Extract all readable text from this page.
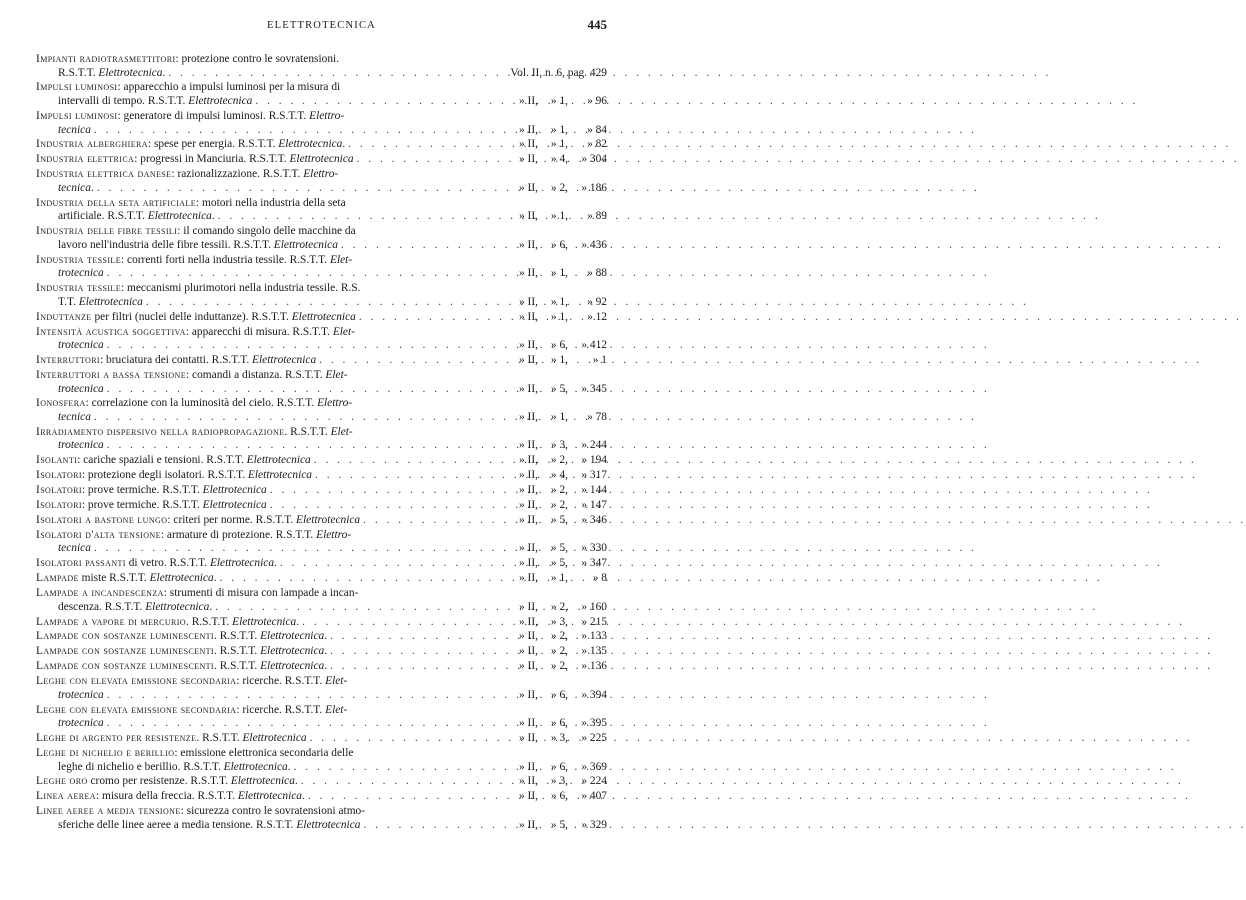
ELETTROTECNICA	445
Impianti radiotrasmettitori: protezione contro le sovratensioni.
R.S.T.T. Elettrotecnica. . . .	Vol. II, n. 6, pag. 429
Impulsi luminosi: apparecchio a impulsi luminosi per la misura di
intervalli di tempo. R.S.T.T. Elettrotecnica . . .	» II,	» 1,	» 96
Impulsi luminosi: generatore di impulsi luminosi. R.S.T.T. Elettro-
tecnica . . .	» II,	» 1,	» 84
Industria alberghiera: spese per energia. R.S.T.T. Elettrotecnica. . . .	» II,	» 1,	» 82
Industria elettrica: progressi in Manciuria. R.S.T.T. Elettrotecnica . . .	» II,	» 4,	» 304
Industria elettrica danese: razionalizzazione. R.S.T.T. Elettro-
tecnica. . . .	» II,	» 2,	» 186
Industria della seta artificiale: motori nella industria della seta
artificiale. R.S.T.T. Elettrotecnica. . . .	» II,	» 1,	» 89
Industria delle fibre tessili: il comando singolo delle macchine da
lavoro nell'industria delle fibre tessili. R.S.T.T. Elettrotecnica . . .	» II,	» 6,	» 436
Industria tessile: correnti forti nella industria tessile. R.S.T.T. Elet-
trotecnica . . .	» II,	» 1,	» 88
Industria tessile: meccanismi plurimotori nella industria tessile. R.S.
T.T. Elettrotecnica . . .	» II,	» 1,	» 92
Induttanze per filtri (nuclei delle induttanze). R.S.T.T. Elettrotecnica . . .	» II,	» 1,	» 12
Intensità acustica soggettiva: apparecchi di misura. R.S.T.T. Elet-
trotecnica . . .	» II,	» 6,	» 412
Interruttori: bruciatura dei contatti. R.S.T.T. Elettrotecnica . . .	» II,	» 1,	» 1
Interruttori a bassa tensione: comandi a distanza. R.S.T.T. Elet-
trotecnica . . .	» II,	» 5,	» 345
Ionosfera: correlazione con la luminosità del cielo. R.S.T.T. Elettro-
tecnica . . .	» II,	» 1,	» 78
Irradiamento dispersivo nella radiopropagazione. R.S.T.T. Elet-
trotecnica . . .	» II,	» 3,	» 244
Isolanti: cariche spaziali e tensioni. R.S.T.T. Elettrotecnica . . .	» II,	» 2,	» 194
Isolatori: protezione degli isolatori. R.S.T.T. Elettrotecnica . . .	» II,	» 4,	» 317
Isolatori: prove termiche. R.S.T.T. Elettrotecnica . . .	» II,	» 2,	» 144
Isolatori: prove termiche. R.S.T.T. Elettrotecnica . . .	» II,	» 2,	» 147
Isolatori a bastone lungo: criteri per norme. R.S.T.T. Elettrotecnica . . .	» II,	» 5,	» 346
Isolatori d'alta tensione: armature di protezione. R.S.T.T. Elettro-
tecnica . . .	» II,	» 5,	» 330
Isolatori passanti di vetro. R.S.T.T. Elettrotecnica. . . .	» II,	» 5,	» 347
Lampade miste R.S.T.T. Elettrotecnica. . . .	» II,	» 1,	» 8
Lampade a incandescenza: strumenti di misura con lampade a incan-
descenza. R.S.T.T. Elettrotecnica. . . .	» II,	» 2,	» 160
Lampade a vapore di mercurio. R.S.T.T. Elettrotecnica. . . .	» II,	» 3,	» 215
Lampade con sostanze luminescenti. R.S.T.T. Elettrotecnica. . . .	» II,	» 2,	» 133
Lampade con sostanze luminescenti. R.S.T.T. Elettrotecnica. . . .	» II,	» 2,	» 135
Lampade con sostanze luminescenti. R.S.T.T. Elettrotecnica. . . .	» II,	» 2,	» 136
Leghe con elevata emissione secondaria: ricerche. R.S.T.T. Elet-
trotecnica . . .	» II,	» 6,	» 394
Leghe con elevata emissione secondaria: ricerche. R.S.T.T. Elet-
trotecnica . . .	» II,	» 6,	» 395
Leghe di argento per resistenze. R.S.T.T. Elettrotecnica . . .	» II,	» 3,	» 225
Leghe di nichelio e berillio: emissione elettronica secondaria delle
leghe di nichelio e berillio. R.S.T.T. Elettrotecnica. . . .	» II,	» 6,	» 369
Leghe oro cromo per resistenze. R.S.T.T. Elettrotecnica. . . .	» II,	» 3,	» 224
Linea aerea: misura della freccia. R.S.T.T. Elettrotecnica. . . .	» II,	» 6,	» 407
Linee aeree a media tensione: sicurezza contro le sovratensioni atmo-
sferiche delle linee aeree a media tensione. R.S.T.T. Elettrotecnica . . .	» II,	» 5,	» 329
